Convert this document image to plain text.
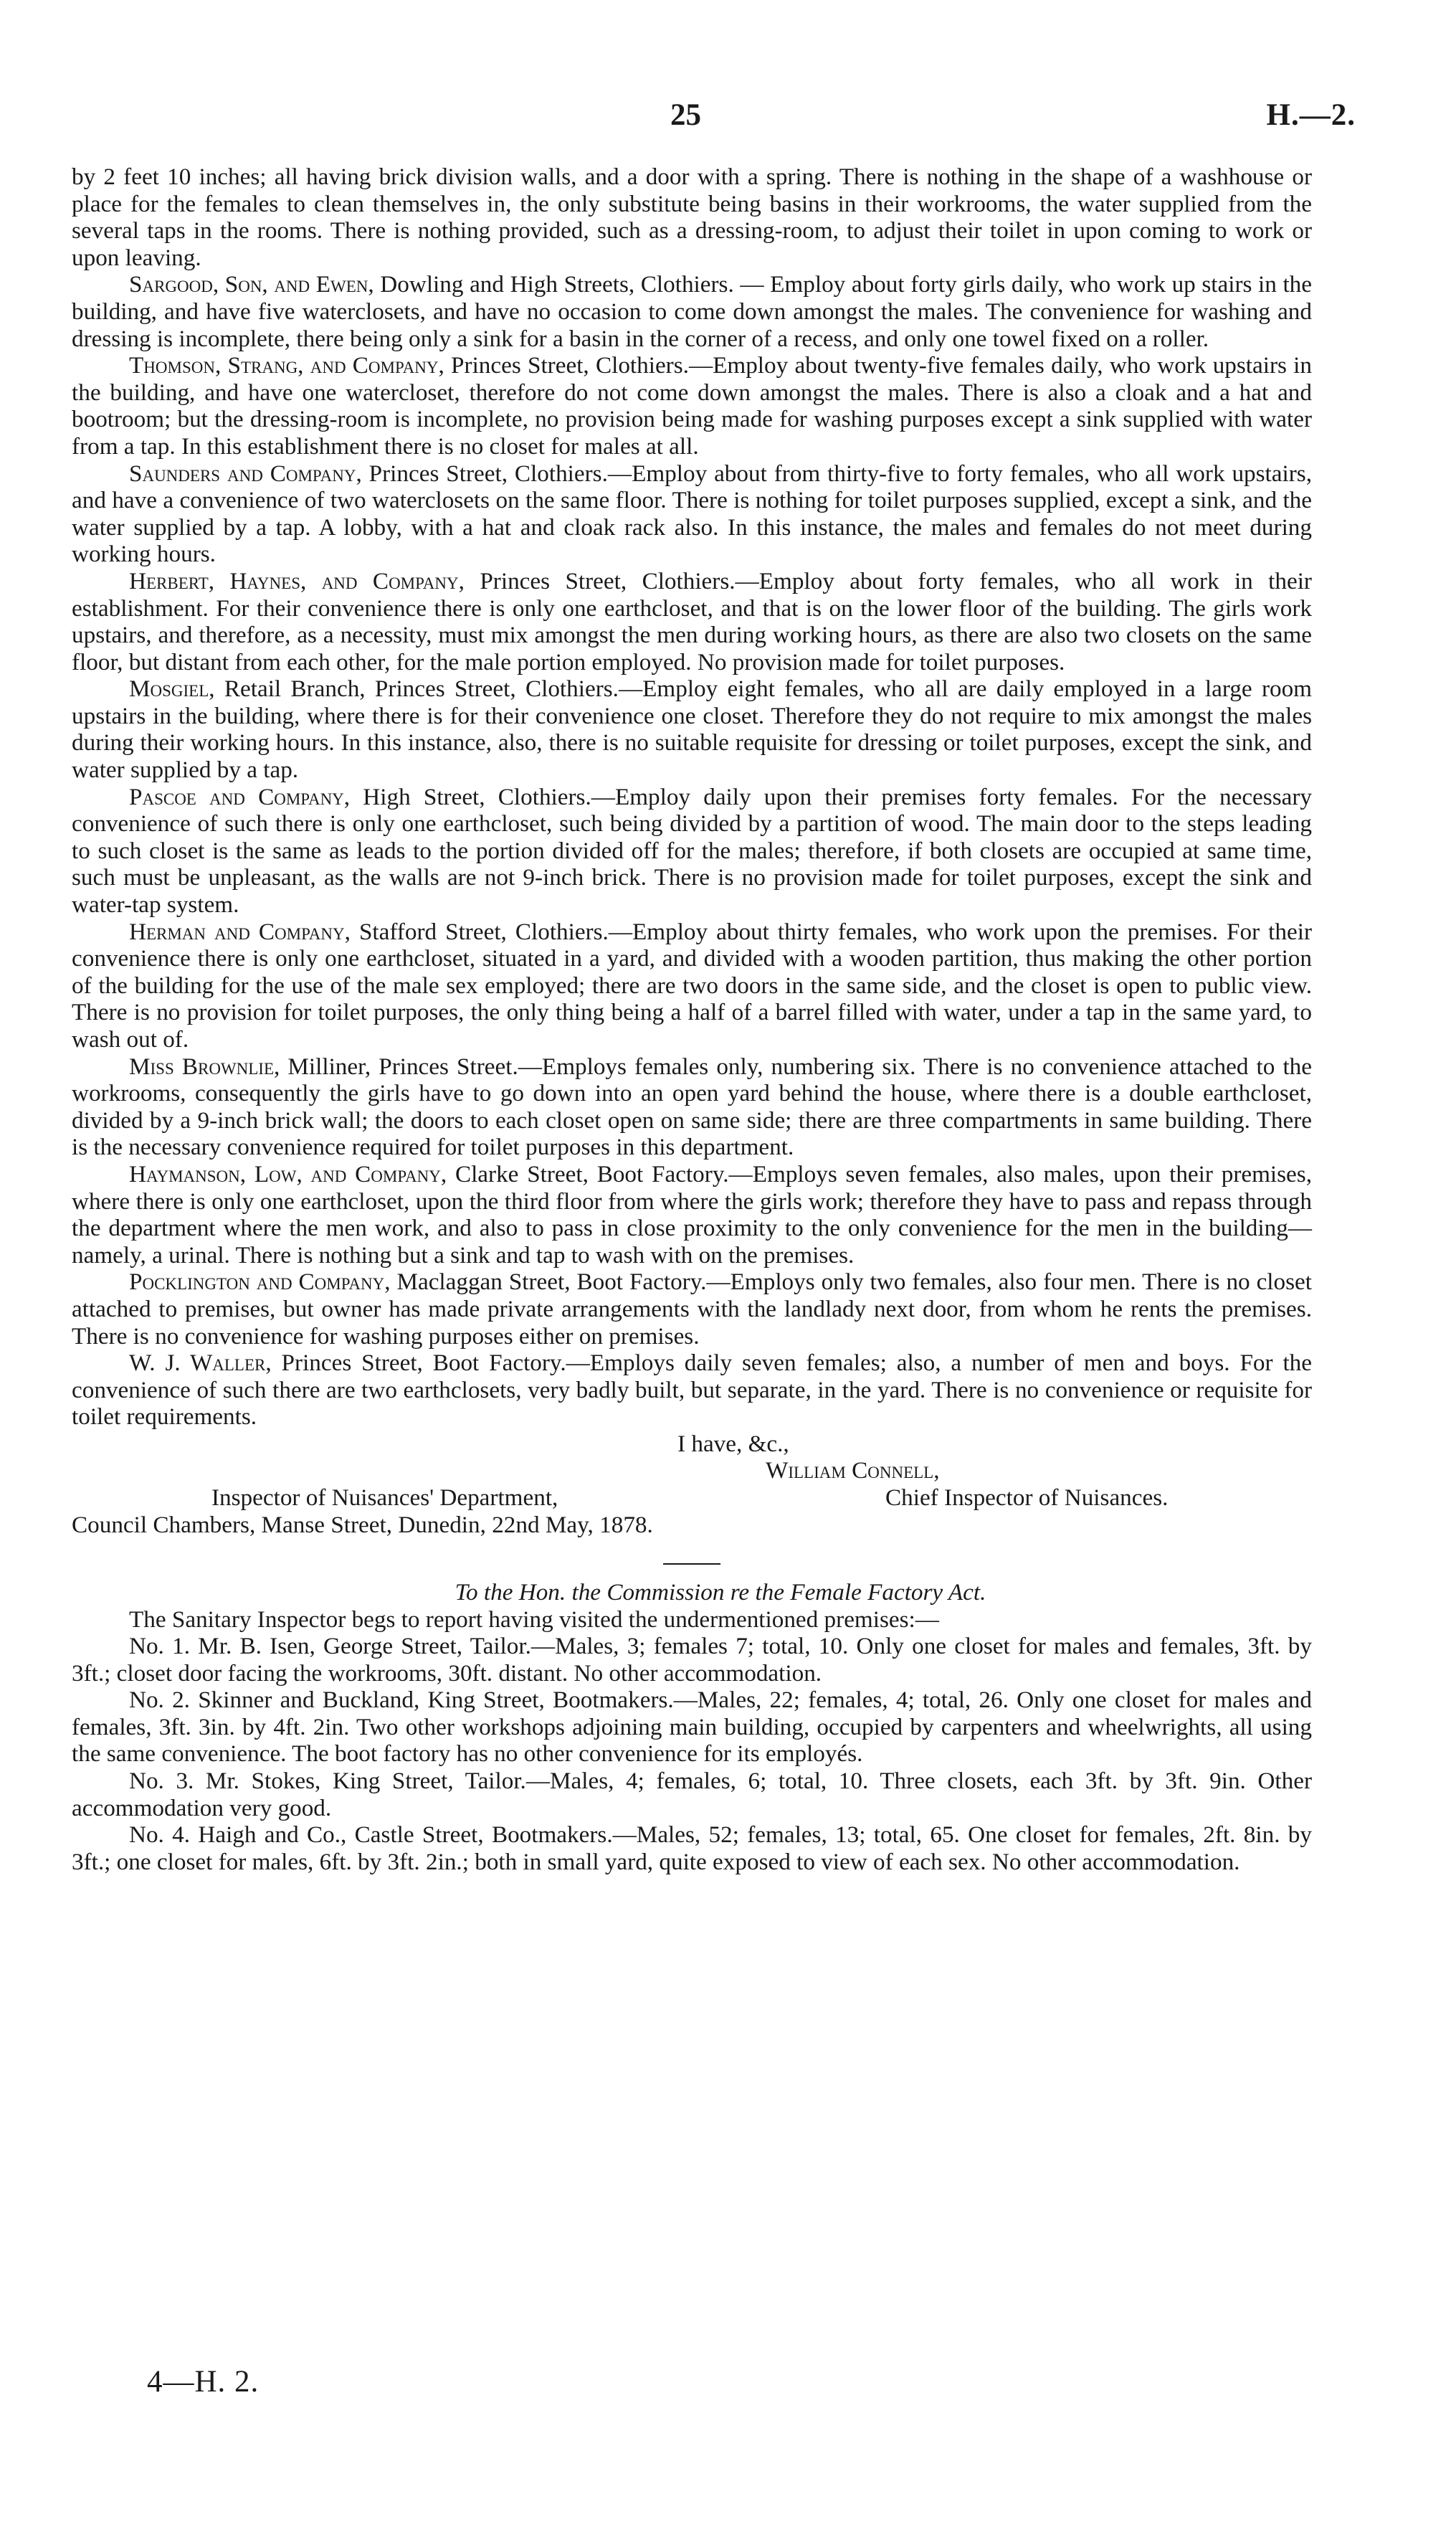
25	H.—2.

by 2 feet 10 inches; all having brick division walls, and a door with a spring. There is nothing in the shape of a washhouse or place for the females to clean themselves in, the only substitute being basins in their workrooms, the water supplied from the several taps in the rooms. There is nothing provided, such as a dressing-room, to adjust their toilet in upon coming to work or upon leaving.

Sargood, Son, and Ewen, Dowling and High Streets, Clothiers. — Employ about forty girls daily, who work up stairs in the building, and have five waterclosets, and have no occasion to come down amongst the males. The convenience for washing and dressing is incomplete, there being only a sink for a basin in the corner of a recess, and only one towel fixed on a roller.

Thomson, Strang, and Company, Princes Street, Clothiers.—Employ about twenty-five females daily, who work upstairs in the building, and have one watercloset, therefore do not come down amongst the males. There is also a cloak and a hat and bootroom; but the dressing-room is incomplete, no provision being made for washing purposes except a sink supplied with water from a tap. In this establishment there is no closet for males at all.

Saunders and Company, Princes Street, Clothiers.—Employ about from thirty-five to forty females, who all work upstairs, and have a convenience of two waterclosets on the same floor. There is nothing for toilet purposes supplied, except a sink, and the water supplied by a tap. A lobby, with a hat and cloak rack also. In this instance, the males and females do not meet during working hours.

Herbert, Haynes, and Company, Princes Street, Clothiers.—Employ about forty females, who all work in their establishment. For their convenience there is only one earthcloset, and that is on the lower floor of the building. The girls work upstairs, and therefore, as a necessity, must mix amongst the men during working hours, as there are also two closets on the same floor, but distant from each other, for the male portion employed. No provision made for toilet purposes.

Mosgiel, Retail Branch, Princes Street, Clothiers.—Employ eight females, who all are daily employed in a large room upstairs in the building, where there is for their convenience one closet. Therefore they do not require to mix amongst the males during their working hours. In this instance, also, there is no suitable requisite for dressing or toilet purposes, except the sink, and water supplied by a tap.

Pascoe and Company, High Street, Clothiers.—Employ daily upon their premises forty females. For the necessary convenience of such there is only one earthcloset, such being divided by a partition of wood. The main door to the steps leading to such closet is the same as leads to the portion divided off for the males; therefore, if both closets are occupied at same time, such must be unpleasant, as the walls are not 9-inch brick. There is no provision made for toilet purposes, except the sink and water-tap system.

Herman and Company, Stafford Street, Clothiers.—Employ about thirty females, who work upon the premises. For their convenience there is only one earthcloset, situated in a yard, and divided with a wooden partition, thus making the other portion of the building for the use of the male sex employed; there are two doors in the same side, and the closet is open to public view. There is no provision for toilet purposes, the only thing being a half of a barrel filled with water, under a tap in the same yard, to wash out of.

Miss Brownlie, Milliner, Princes Street.—Employs females only, numbering six. There is no convenience attached to the workrooms, consequently the girls have to go down into an open yard behind the house, where there is a double earthcloset, divided by a 9-inch brick wall; the doors to each closet open on same side; there are three compartments in same building. There is the necessary convenience required for toilet purposes in this department.

Haymanson, Low, and Company, Clarke Street, Boot Factory.—Employs seven females, also males, upon their premises, where there is only one earthcloset, upon the third floor from where the girls work; therefore they have to pass and repass through the department where the men work, and also to pass in close proximity to the only convenience for the men in the building—namely, a urinal. There is nothing but a sink and tap to wash with on the premises.

Pocklington and Company, Maclaggan Street, Boot Factory.—Employs only two females, also four men. There is no closet attached to premises, but owner has made private arrangements with the landlady next door, from whom he rents the premises. There is no convenience for washing purposes either on premises.

W. J. Waller, Princes Street, Boot Factory.—Employs daily seven females; also, a number of men and boys. For the convenience of such there are two earthclosets, very badly built, but separate, in the yard. There is no convenience or requisite for toilet requirements.

I have, &c.,
William Connell,
Inspector of Nuisances' Department,	Chief Inspector of Nuisances.
Council Chambers, Manse Street, Dunedin, 22nd May, 1878.

To the Hon. the Commission re the Female Factory Act.

The Sanitary Inspector begs to report having visited the undermentioned premises:—

No. 1. Mr. B. Isen, George Street, Tailor.—Males, 3; females 7; total, 10. Only one closet for males and females, 3ft. by 3ft.; closet door facing the workrooms, 30ft. distant. No other accommodation.

No. 2. Skinner and Buckland, King Street, Bootmakers.—Males, 22; females, 4; total, 26. Only one closet for males and females, 3ft. 3in. by 4ft. 2in. Two other workshops adjoining main building, occupied by carpenters and wheelwrights, all using the same convenience. The boot factory has no other convenience for its employés.

No. 3. Mr. Stokes, King Street, Tailor.—Males, 4; females, 6; total, 10. Three closets, each 3ft. by 3ft. 9in. Other accommodation very good.

No. 4. Haigh and Co., Castle Street, Bootmakers.—Males, 52; females, 13; total, 65. One closet for females, 2ft. 8in. by 3ft.; one closet for males, 6ft. by 3ft. 2in.; both in small yard, quite exposed to view of each sex. No other accommodation.

4—H. 2.
